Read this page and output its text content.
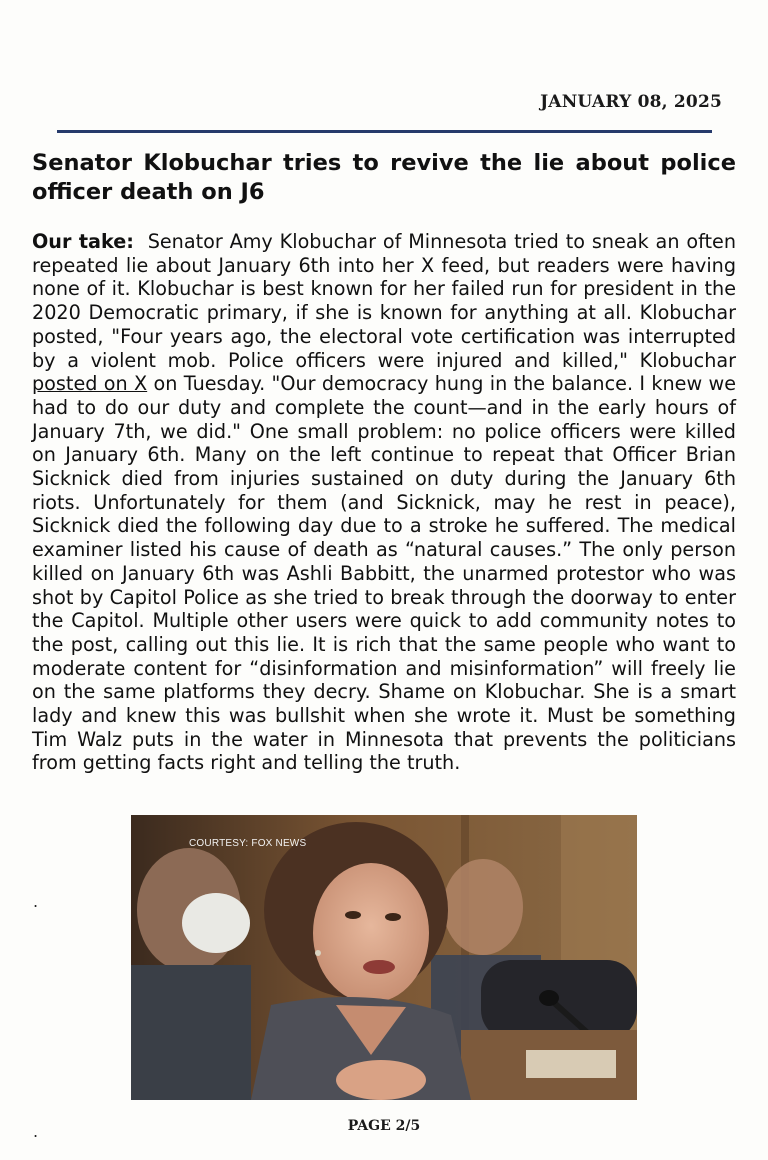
JANUARY 08, 2025
Senator Klobuchar tries to revive the lie about police officer death on J6

Our take: Senator Amy Klobuchar of Minnesota tried to sneak an often repeated lie about January 6th into her X feed, but readers were having none of it. Klobuchar is best known for her failed run for president in the 2020 Democratic primary, if she is known for anything at all. Klobuchar posted, "Four years ago, the electoral vote certification was interrupted by a violent mob. Police officers were injured and killed," Klobuchar posted on X on Tuesday. "Our democracy hung in the balance. I knew we had to do our duty and complete the count—and in the early hours of January 7th, we did." One small problem: no police officers were killed on January 6th. Many on the left continue to repeat that Officer Brian Sicknick died from injuries sustained on duty during the January 6th riots. Unfortunately for them (and Sicknick, may he rest in peace), Sicknick died the following day due to a stroke he suffered. The medical examiner listed his cause of death as “natural causes.” The only person killed on January 6th was Ashli Babbitt, the unarmed protestor who was shot by Capitol Police as she tried to break through the doorway to enter the Capitol. Multiple other users were quick to add community notes to the post, calling out this lie. It is rich that the same people who want to moderate content for “disinformation and misinformation” will freely lie on the same platforms they decry. Shame on Klobuchar. She is a smart lady and knew this was bullshit when she wrote it. Must be something Tim Walz puts in the water in Minnesota that prevents the politicians from getting facts right and telling the truth.

COURTESY: FOX NEWS
.
.	PAGE 2/5
